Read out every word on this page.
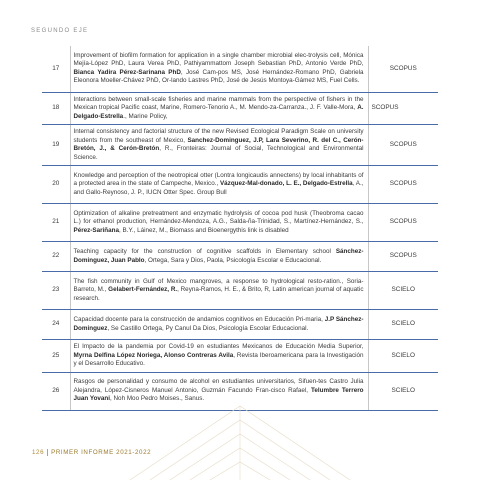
SEGUNDO EJE
17	Improvement of biofilm formation for application in a single chamber microbial elec-trolysis cell, Mónica Mejía-López PhD, Laura Verea PhD, Pathiyammattom Joseph Sebastian PhD, Antonio Verde PhD, Bianca Yadira Pérez-Sarinana PhD, José Cam-pos MS, José Hernández-Romano PhD, Gabriela Eleonora Moeller-Chávez PhD, Or-lando Lastres PhD, José de Jesús Montoya-Gámez MS, Fuel Cells.	SCOPUS
18	Interactions between small-scale fisheries and marine mammals from the perspective of fishers in the Mexican tropical Pacific coast, Marine, Romero-Tenorio A., M. Mendo-za-Carranza., J. F. Valle-Mora, A. Delgado-Estrella., Marine Policy,	SCOPUS
19	Internal consistency and factorial structure of the new Revised Ecological Paradigm Scale on university students from the southeast of Mexico, Sanchez-Dominguez, J.P, Lara Severino, R. del C., Cerón-Bretón, J., & Cerón-Bretón, R., Fronteiras: Journal of Social, Technological and Environmental Science.	SCOPUS
20	Knowledge and perception of the neotropical otter (Lontra longicaudis annectens) by local inhabitants of a protected area in the state of Campeche, Mexico., Vázquez-Mal-donado, L. E., Delgado-Estrella, A., and Gallo-Reynoso, J. P., IUCN Otter Spec. Group Bull	SCOPUS
21	Optimization of alkaline pretreatment and enzymatic hydrolysis of cocoa pod husk (Theobroma cacao L.) for ethanol production, Hernández-Mendoza, A.G., Salda-ña-Trinidad, S., Martínez-Hernández, S., Pérez-Sariñana, B.Y., Láinez, M., Biomass and Bioenergythis link is disabled	SCOPUS
22	Teaching capacity for the construction of cognitive scaffolds in Elementary school Sánchez-Dominguez, Juan Pablo, Ortega, Sara y Dios, Paola, Psicología Escolar e Educacional.	SCOPUS
23	The fish community in Gulf of Mexico mangroves, a response to hydrological resto-ration., Soria-Barreto, M., Gelabert-Fernández, R., Reyna-Ramos, H. E., & Brito, R, Latin american journal of aquatic research.	SCIELO
24	Capacidad docente para la construcción de andamios cognitivos en Educación Pri-maria, J.P Sánchez-Dominguez, Se Castillo Ortega, Py Canul Da Dios, Psicología Escolar Educacional.	SCIELO
25	El Impacto de la pandemia por Covid-19 en estudiantes Mexicanos de Educación Media Superior, Myrna Delfina López Noriega, Alonso Contreras Avila, Revista Iberoamericana para la Investigación y el Desarrollo Educativo.	SCIELO
26	Rasgos de personalidad y consumo de alcohol en estudiantes universitarios, Sifuen-tes Castro Julia Alejandra, López-Cisneros Manuel Antonio, Guzmán Facundo Fran-cisco Rafael, Telumbre Terrero Juan Yovani, Noh Moo Pedro Moises., Sanus.	SCIELO
126 PRIMER INFORME 2021-2022
